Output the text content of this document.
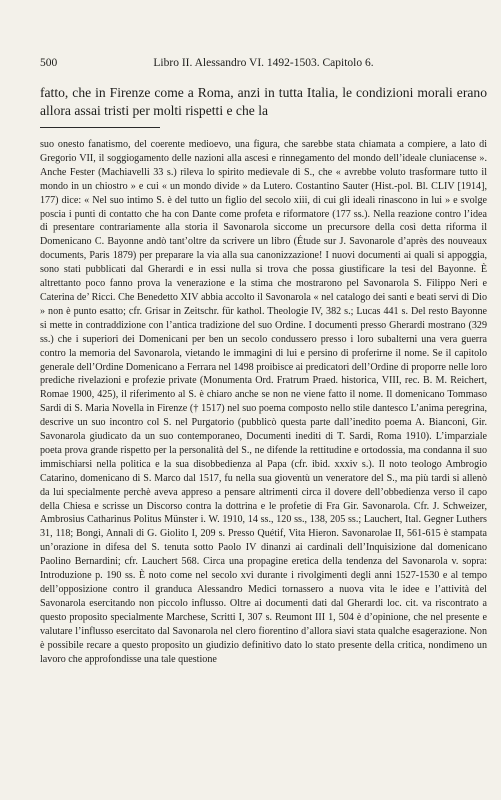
500	Libro II. Alessandro VI. 1492-1503. Capitolo 6.

fatto, che in Firenze come a Roma, anzi in tutta Italia, le condizioni morali erano allora assai tristi per molti rispetti e che la

suo onesto fanatismo, del coerente medioevo, una figura, che sarebbe stata chiamata a compiere, a lato di Gregorio VII, il soggiogamento delle nazioni alla ascesi e rinnegamento del mondo dell’ideale cluniacense ». Anche Fester (Machiavelli 33 s.) rileva lo spirito medievale di S., che « avrebbe voluto trasformare tutto il mondo in un chiostro » e cui « un mondo divide » da Lutero. Costantino Sauter (Hist.-pol. Bl. CLIV [1914], 177) dice: « Nel suo intimo S. è del tutto un figlio del secolo xiii, di cui gli ideali rinascono in lui » e svolge poscia i punti di contatto che ha con Dante come profeta e riformatore (177 ss.). Nella reazione contro l’idea di presentare contrariamente alla storia il Savonarola siccome un precursore della così detta riforma il Domenicano C. Bayonne andò tant’oltre da scrivere un libro (Étude sur J. Savonarole d’après des nouveaux documents, Paris 1879) per preparare la via alla sua canonizzazione! I nuovi documenti ai quali si appoggia, sono stati pubblicati dal Gherardi e in essi nulla si trova che possa giustificare la tesi del Bayonne. È altrettanto poco fanno prova la venerazione e la stima che mostrarono pel Savonarola S. Filippo Neri e Caterina de’ Ricci. Che Benedetto XIV abbia accolto il Savonarola « nel catalogo dei santi e beati servi di Dio » non è punto esatto; cfr. Grisar in Zeitschr. für kathol. Theologie IV, 382 s.; Lucas 441 s. Del resto Bayonne si mette in contraddizione con l’antica tradizione del suo Ordine. I documenti presso Gherardi mostrano (329 ss.) che i superiori dei Domenicani per ben un secolo condussero presso i loro subalterni una vera guerra contro la memoria del Savonarola, vietando le immagini di lui e persino di proferirne il nome. Se il capitolo generale dell’Ordine Domenicano a Ferrara nel 1498 proibisce ai predicatori dell’Ordine di proporre nelle loro prediche rivelazioni e profezie private (Monumenta Ord. Fratrum Praed. historica, VIII, rec. B. M. Reichert, Romae 1900, 425), il riferimento al S. è chiaro anche se non ne viene fatto il nome. Il domenicano Tommaso Sardi di S. Maria Novella in Firenze († 1517) nel suo poema composto nello stile dantesco L’anima peregrina, descrive un suo incontro col S. nel Purgatorio (pubblicò questa parte dall’inedito poema A. Bianconi, Gir. Savonarola giudicato da un suo contemporaneo, Documenti inediti di T. Sardi, Roma 1910). L’imparziale poeta prova grande rispetto per la personalità del S., ne difende la rettitudine e ortodossia, ma condanna il suo immischiarsi nella politica e la sua disobbedienza al Papa (cfr. ibid. xxxiv s.). Il noto teologo Ambrogio Catarino, domenicano di S. Marco dal 1517, fu nella sua gioventù un veneratore del S., ma più tardi si allenò da lui specialmente perchè aveva appreso a pensare altrimenti circa il dovere dell’obbedienza verso il capo della Chiesa e scrisse un Discorso contra la dottrina e le profetie di Fra Gir. Savonarola. Cfr. J. Schweizer, Ambrosius Catharinus Politus Münster i. W. 1910, 14 ss., 120 ss., 138, 205 ss.; Lauchert, Ital. Gegner Luthers 31, 118; Bongi, Annali di G. Giolito I, 209 s. Presso Quétif, Vita Hieron. Savonarolae II, 561-615 è stampata un’orazione in difesa del S. tenuta sotto Paolo IV dinanzi ai cardinali dell’Inquisizione dal domenicano Paolino Bernardini; cfr. Lauchert 568. Circa una propagine eretica della tendenza del Savonarola v. sopra: Introduzione p. 190 ss. È noto come nel secolo xvi durante i rivolgimenti degli anni 1527-1530 e al tempo dell’opposizione contro il granduca Alessandro Medici tornassero a nuova vita le idee e l’attività del Savonarola esercitando non piccolo influsso. Oltre ai documenti dati dal Gherardi loc. cit. va riscontrato a questo proposito specialmente Marchese, Scritti I, 307 s. Reumont III 1, 504 è d’opinione, che nel presente e valutare l’influsso esercitato dal Savonarola nel clero fiorentino d’allora siavi stata qualche esagerazione. Non è possibile recare a questo proposito un giudizio definitivo dato lo stato presente della critica, nondimeno un lavoro che approfondisse una tale questione
